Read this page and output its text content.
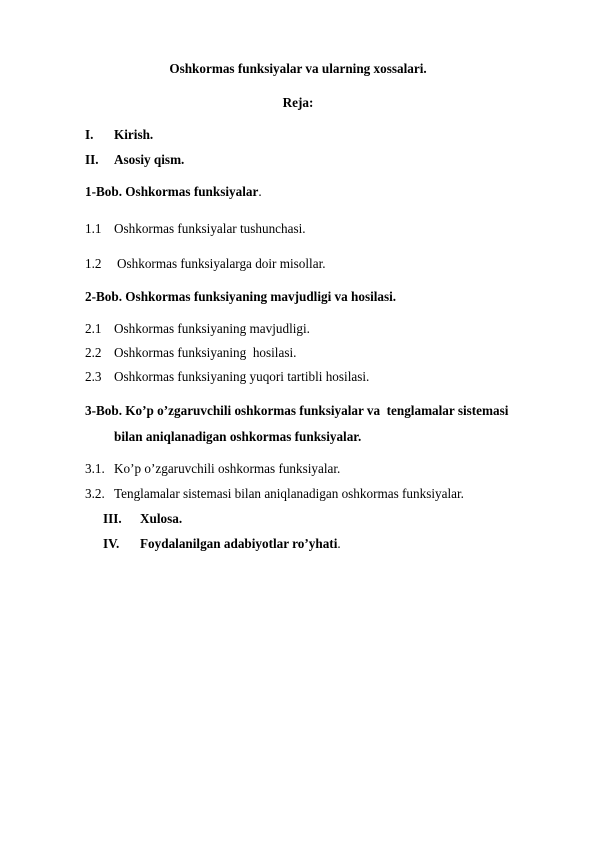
Oshkormas funksiyalar va ularning xossalari.
Reja:
I. Kirish.
II. Asosiy qism.
1-Bob. Oshkormas funksiyalar.
1.1 Oshkormas funksiyalar tushunchasi.
1.2 Oshkormas funksiyalarga doir misollar.
2-Bob. Oshkormas funksiyaning mavjudligi va hosilasi.
2.1 Oshkormas funksiyaning mavjudligi.
2.2 Oshkormas funksiyaning  hosilasi.
2.3 Oshkormas funksiyaning yuqori tartibli hosilasi.
3-Bob. Ko’p o’zgaruvchili oshkormas funksiyalar va  tenglamalar sistemasi
bilan aniqlanadigan oshkormas funksiyalar.
3.1. Ko’p o’zgaruvchili oshkormas funksiyalar.
3.2. Tenglamalar sistemasi bilan aniqlanadigan oshkormas funksiyalar.
III. Xulosa.
IV. Foydalanilgan adabiyotlar ro’yhati.
